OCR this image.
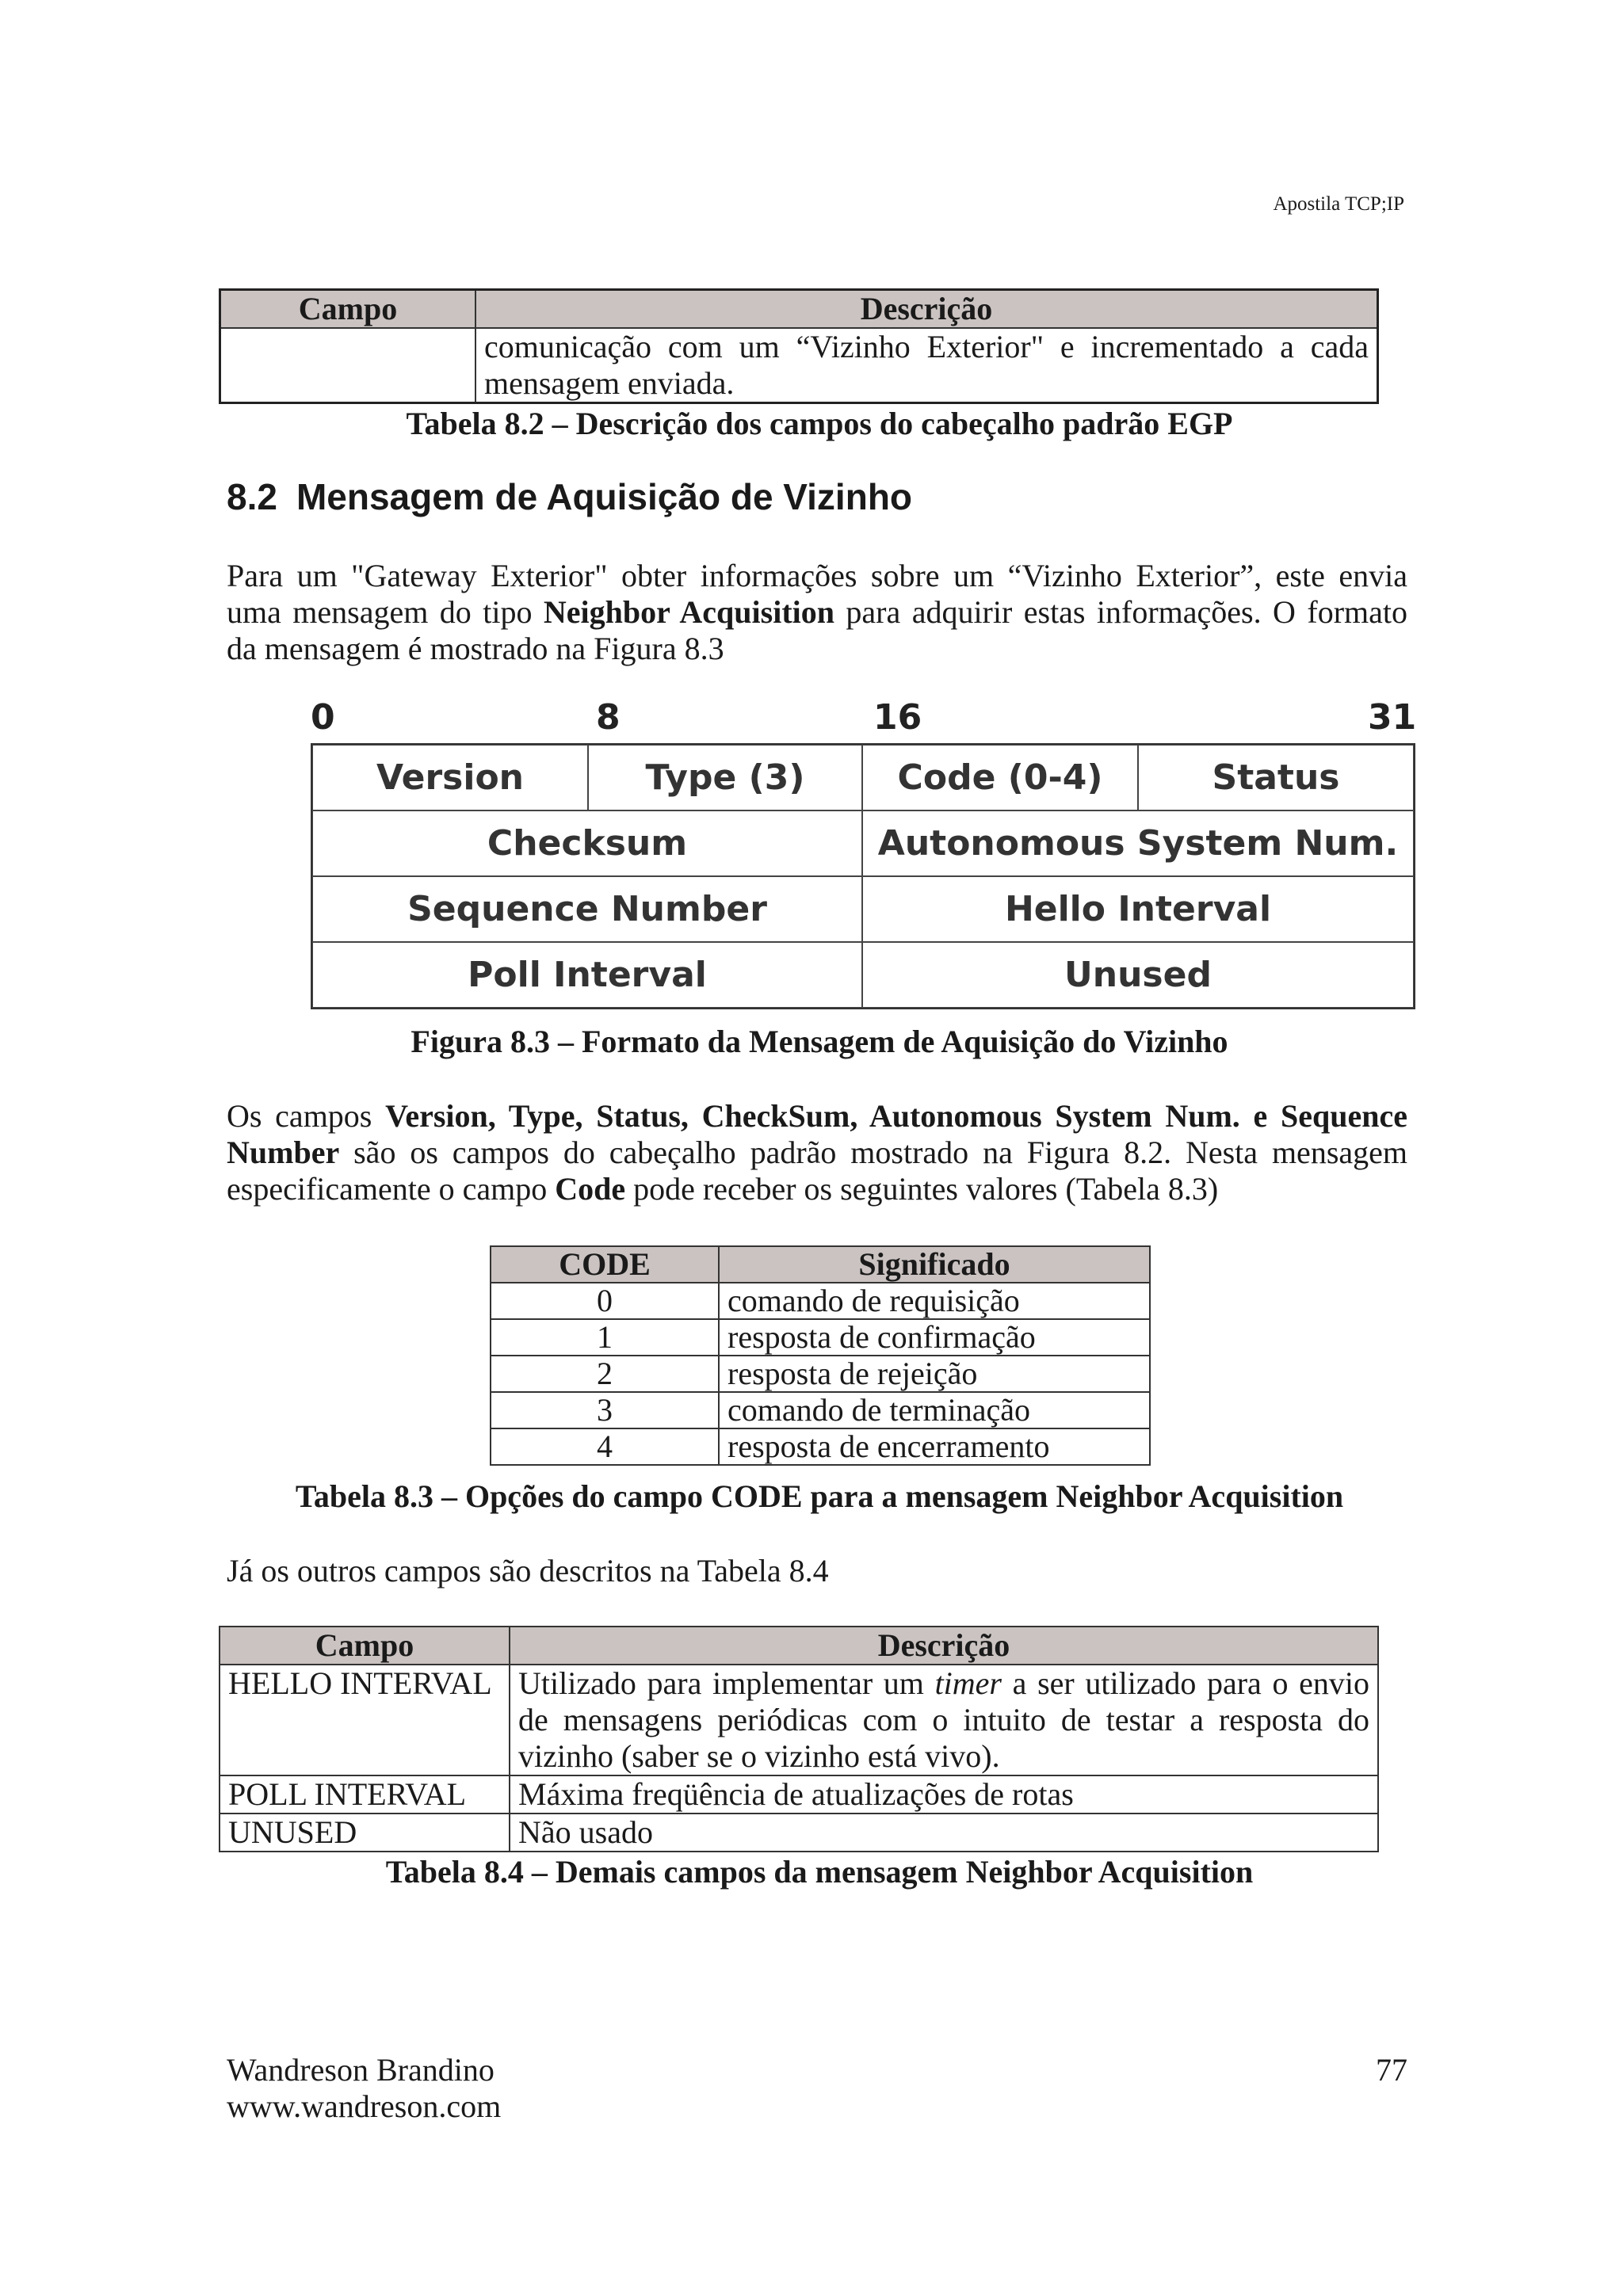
Apostila TCP;IP
Campo	Descrição

	comunicação com um “Vizinho Exterior" e incrementado a cada
mensagem enviada.
Tabela 8.2 – Descrição dos campos do cabeçalho padrão EGP
8.2 Mensagem de Aquisição de Vizinho

Para um "Gateway Exterior" obter informações sobre um “Vizinho Exterior”, este envia
uma mensagem do tipo Neighbor Acquisition para adquirir estas informações. O formato
da mensagem é mostrado na Figura 8.3

0	8	16	31
Version	Type (3)	Code (0-4)	Status
Checksum	Autonomous System Num.
Sequence Number	Hello Interval
Poll Interval	Unused
Figura 8.3 – Formato da Mensagem de Aquisição do Vizinho

Os campos Version, Type, Status, CheckSum, Autonomous System Num. e Sequence
Number são os campos do cabeçalho padrão mostrado na Figura 8.2. Nesta mensagem
especificamente o campo Code pode receber os seguintes valores (Tabela 8.3)

CODE	Significado
0	comando de requisição
1	resposta de confirmação
2	resposta de rejeição
3	comando de terminação
4	resposta de encerramento
Tabela 8.3 – Opções do campo CODE para a mensagem Neighbor Acquisition

Já os outros campos são descritos na Tabela 8.4

Campo	Descrição
HELLO INTERVAL	Utilizado para implementar um timer a ser utilizado para o envio
de mensagens periódicas com o intuito de testar a resposta do
vizinho (saber se o vizinho está vivo).

POLL INTERVAL	Máxima freqüência de atualizações de rotas
UNUSED	Não usado
Tabela 8.4 – Demais campos da mensagem Neighbor Acquisition
Wandreson Brandino
www.wandreson.com
77
